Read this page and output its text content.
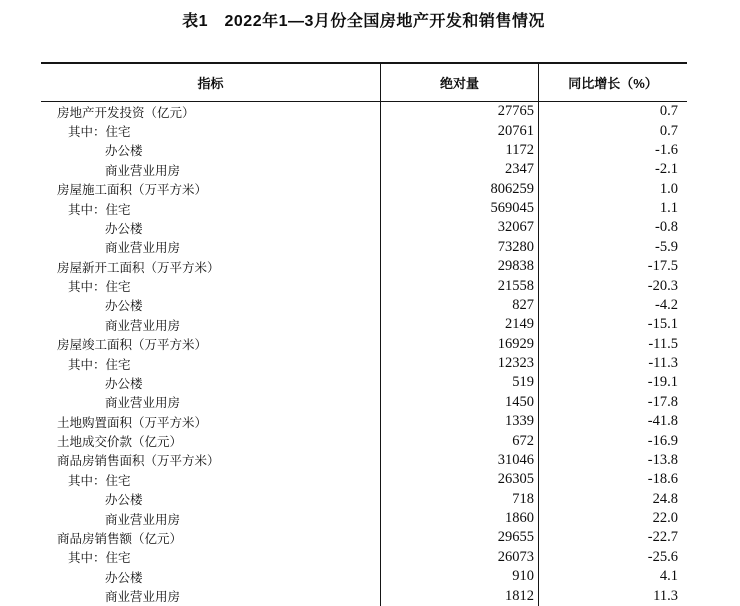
表1　2022年1—3月份全国房地产开发和销售情况
指标	绝对量	同比增长（%）
房地产开发投资（亿元）	27765	0.7
其中：住宅	20761	0.7
办公楼	1172	-1.6
商业营业用房	2347	-2.1
房屋施工面积（万平方米）	806259	1.0
其中：住宅	569045	1.1
办公楼	32067	-0.8
商业营业用房	73280	-5.9
房屋新开工面积（万平方米）	29838	-17.5
其中：住宅	21558	-20.3
办公楼	827	-4.2
商业营业用房	2149	-15.1
房屋竣工面积（万平方米）	16929	-11.5
其中：住宅	12323	-11.3
办公楼	519	-19.1
商业营业用房	1450	-17.8
土地购置面积（万平方米）	1339	-41.8
土地成交价款（亿元）	672	-16.9
商品房销售面积（万平方米）	31046	-13.8
其中：住宅	26305	-18.6
办公楼	718	24.8
商业营业用房	1860	22.0
商品房销售额（亿元）	29655	-22.7
其中：住宅	26073	-25.6
办公楼	910	4.1
商业营业用房	1812	11.3
